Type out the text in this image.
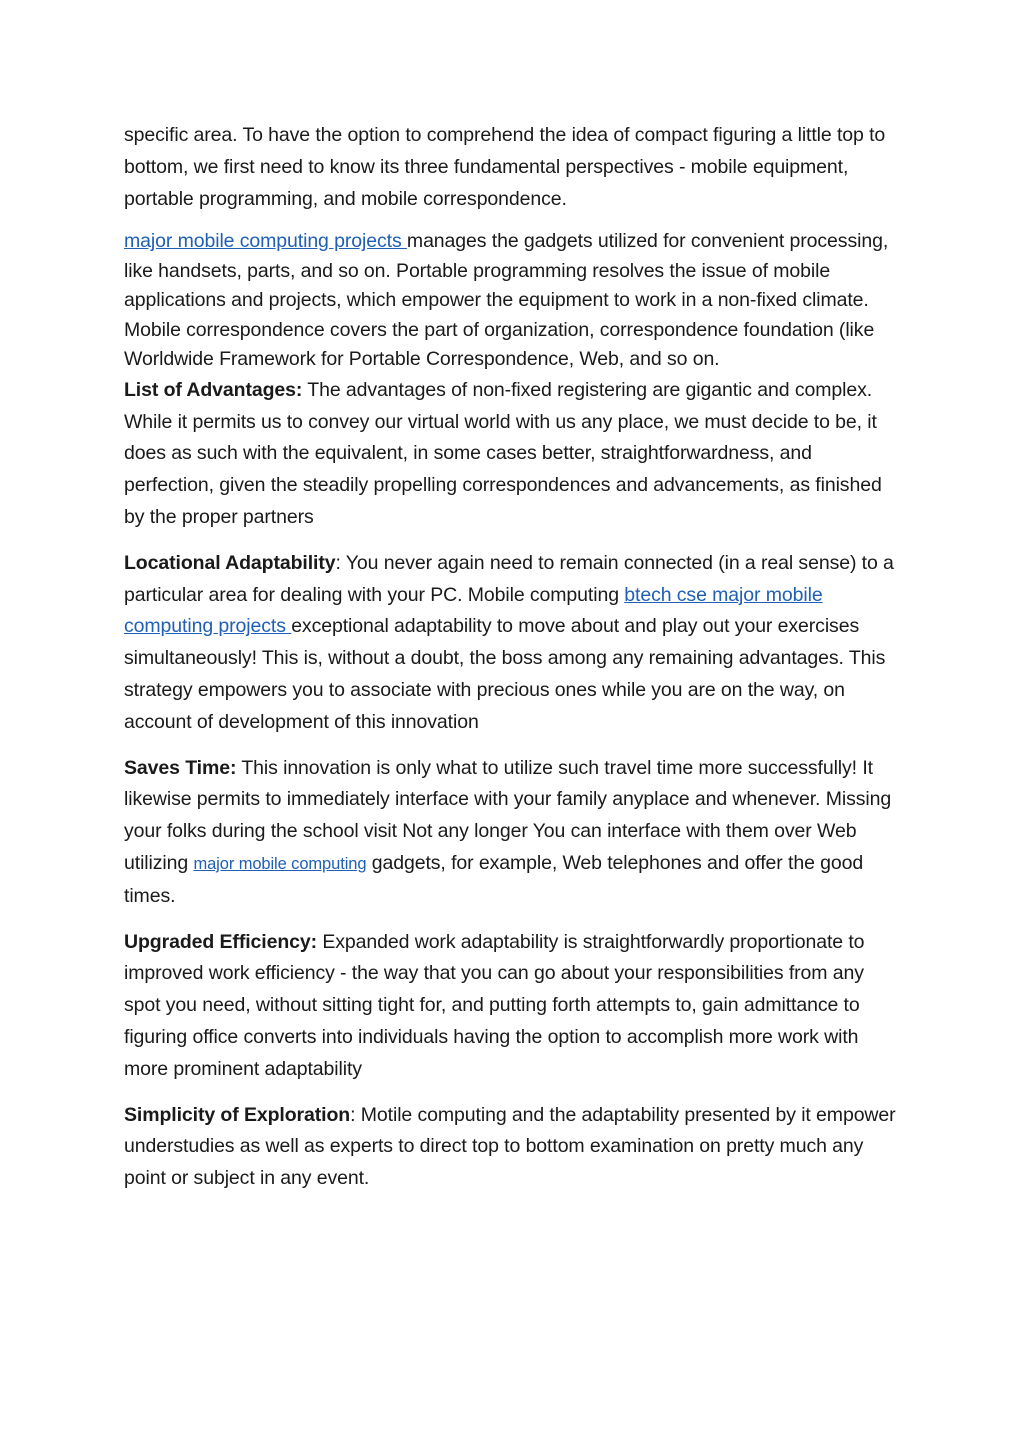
specific area. To have the option to comprehend the idea of compact figuring a little top to bottom, we first need to know its three fundamental perspectives - mobile equipment, portable programming, and mobile correspondence.

major mobile computing projects manages the gadgets utilized for convenient processing, like handsets, parts, and so on. Portable programming resolves the issue of mobile applications and projects, which empower the equipment to work in a non-fixed climate. Mobile correspondence covers the part of organization, correspondence foundation (like Worldwide Framework for Portable Correspondence, Web, and so on.

List of Advantages: The advantages of non-fixed registering are gigantic and complex. While it permits us to convey our virtual world with us any place, we must decide to be, it does as such with the equivalent, in some cases better, straightforwardness, and perfection, given the steadily propelling correspondences and advancements, as finished by the proper partners

Locational Adaptability: You never again need to remain connected (in a real sense) to a particular area for dealing with your PC. Mobile computing btech cse major mobile computing projects exceptional adaptability to move about and play out your exercises simultaneously! This is, without a doubt, the boss among any remaining advantages. This strategy empowers you to associate with precious ones while you are on the way, on account of development of this innovation

Saves Time: This innovation is only what to utilize such travel time more successfully! It likewise permits to immediately interface with your family anyplace and whenever. Missing your folks during the school visit Not any longer You can interface with them over Web utilizing major mobile computing gadgets, for example, Web telephones and offer the good times.

Upgraded Efficiency: Expanded work adaptability is straightforwardly proportionate to improved work efficiency - the way that you can go about your responsibilities from any spot you need, without sitting tight for, and putting forth attempts to, gain admittance to figuring office converts into individuals having the option to accomplish more work with more prominent adaptability

Simplicity of Exploration: Motile computing and the adaptability presented by it empower understudies as well as experts to direct top to bottom examination on pretty much any point or subject in any event.
